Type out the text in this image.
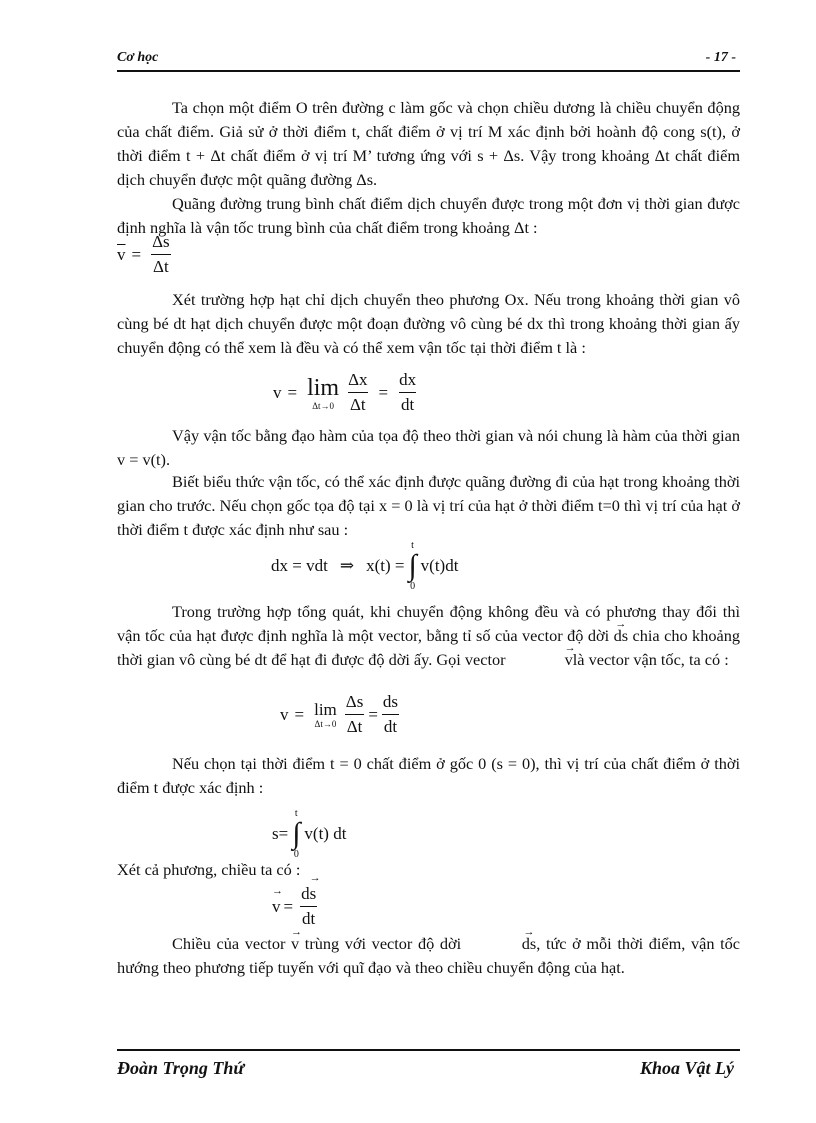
Cơ học	- 17 -

Ta chọn một điểm O trên đường c làm gốc và chọn chiều dương là chiều chuyển động của chất điểm. Giả sử ở thời điểm t, chất điểm ở vị trí M xác định bởi hoành độ cong s(t), ở thời điểm t + Δt chất điểm ở vị trí M’ tương ứng với s + Δs. Vậy trong khoảng Δt chất điểm dịch chuyển được một quãng đường Δs.

Quãng đường trung bình chất điểm dịch chuyển được trong một đơn vị thời gian được định nghĩa là vận tốc trung bình của chất điểm trong khoảng Δt :

$\overline{v} = \frac{\Delta s}{\Delta t}$

Xét trường hợp hạt chỉ dịch chuyển theo phương Ox. Nếu trong khoảng thời gian vô cùng bé dt hạt dịch chuyển được một đoạn đường vô cùng bé dx thì trong khoảng thời gian ấy chuyển động có thể xem là đều và có thể xem vận tốc tại thời điểm t là :

v = lim
$\Delta t\to 0 \frac{\Delta x}{\Delta t} = \frac{dx}{dt}$

Vậy vận tốc bằng đạo hàm của tọa độ theo thời gian và nói chung là hàm của thời gian v = v(t).

Biết biểu thức vận tốc, có thể xác định được quãng đường đi của hạt trong khoảng thời gian cho trước. Nếu chọn gốc tọa độ tại x = 0 là vị trí của hạt ở thời điểm t=0 thì vị trí của hạt ở thời điểm t được xác định như sau :

dx = vdt ⇒ x(t) =
t
∫
0
v(t)dt

Trong trường hợp tổng quát, khi chuyển động không đều và có phương thay đổi thì vận tốc của hạt được định nghĩa là một vector, bằng tỉ số của vector độ dời → ds chia cho khoảng thời gian vô cùng bé dt để hạt đi được độ dời ấy. Gọi vector	→ vlà vector vận tốc, ta có :

v = lim
$\Delta t\to 0 \frac{\Delta s}{\Delta t} = \frac{ds}{dt}$

Nếu chọn tại thời điểm t = 0 chất điểm ở gốc 0 (s = 0), thì vị trí của chất điểm ở thời điểm t được xác định :

s=
t
∫
0
v(t) dt

Xét cả phương, chiều ta có :

→ $v = \frac{d\to s}{dt}$

Chiều của vector → v trùng với vector độ dời	→ ds, tức ở mỗi thời điểm, vận tốc hướng theo phương tiếp tuyến với quĩ đạo và theo chiều chuyển động của hạt.

Đoàn Trọng Thứ	Khoa Vật Lý
